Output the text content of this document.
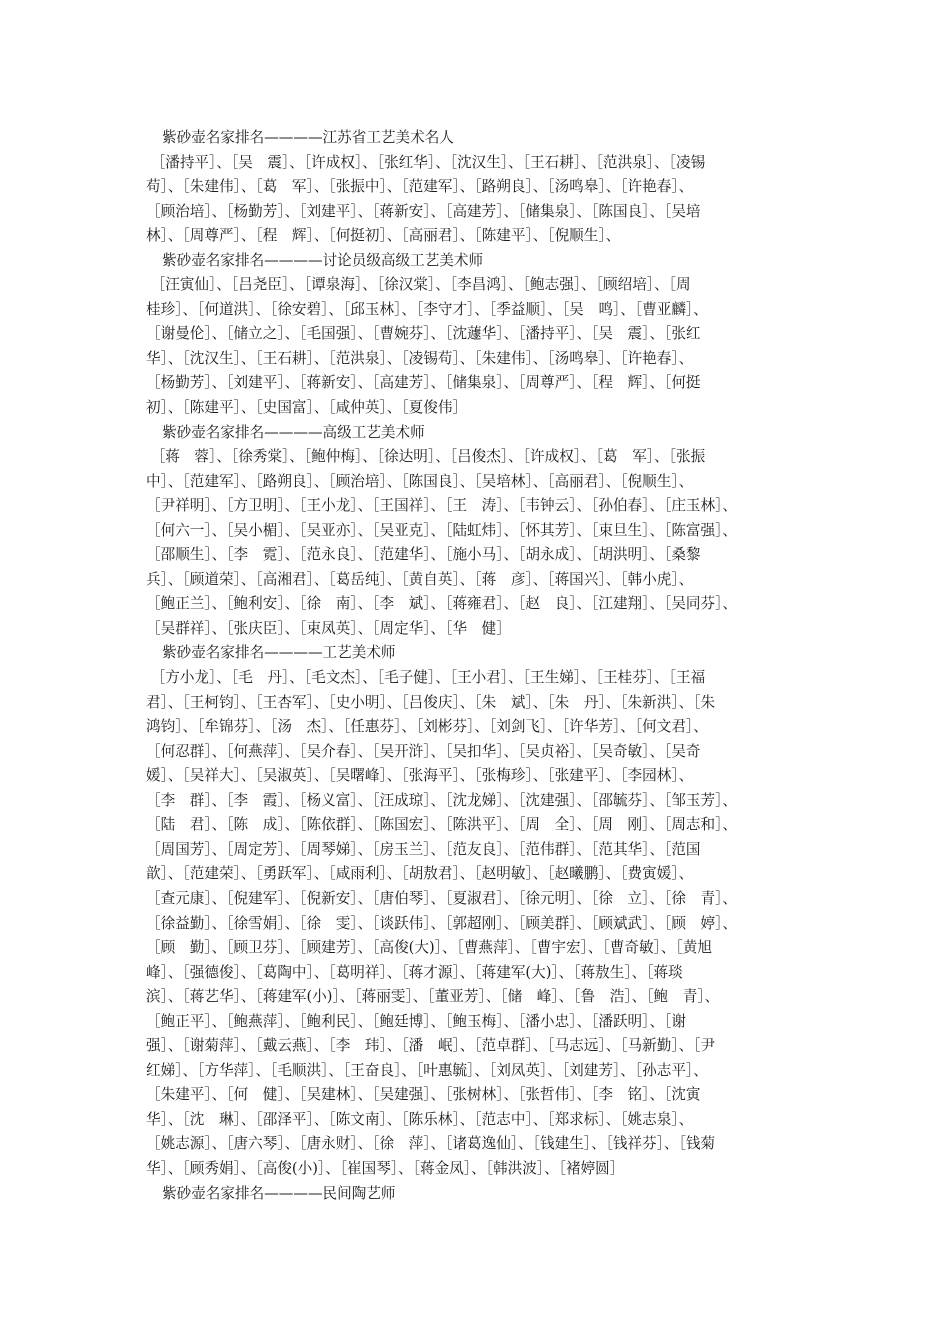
紫砂壶名家排名————江苏省工艺美术名人
［潘持平］、［吴　震］、［许成权］、［张红华］、［沈汉生］、［王石耕］、［范洪泉］、［凌锡
苟］、［朱建伟］、［葛　军］、［张振中］、［范建军］、［路朔良］、［汤鸣皋］、［许艳春］、
［顾治培］、［杨勤芳］、［刘建平］、［蒋新安］、［高建芳］、［储集泉］、［陈国良］、［吴培
林］、［周尊严］、［程　辉］、［何挺初］、［高丽君］、［陈建平］、［倪顺生］、
紫砂壶名家排名————讨论员级高级工艺美术师
［汪寅仙］、［吕尧臣］、［谭泉海］、［徐汉棠］、［李昌鸿］、［鲍志强］、［顾绍培］、［周
桂珍］、［何道洪］、［徐安碧］、［邱玉林］、［李守才］、［季益顺］、［吴　鸣］、［曹亚麟］、
［谢曼伦］、［储立之］、［毛国强］、［曹婉芬］、［沈蘧华］、［潘持平］、［吴　震］、［张红
华］、［沈汉生］、［王石耕］、［范洪泉］、［凌锡苟］、［朱建伟］、［汤鸣皋］、［许艳春］、
［杨勤芳］、［刘建平］、［蒋新安］、［高建芳］、［储集泉］、［周尊严］、［程　辉］、［何挺
初］、［陈建平］、［史国富］、［咸仲英］、［夏俊伟］
紫砂壶名家排名————高级工艺美术师
［蒋　蓉］、［徐秀棠］、［鲍仲梅］、［徐达明］、［吕俊杰］、［许成权］、［葛　军］、［张振
中］、［范建军］、［路朔良］、［顾治培］、［陈国良］、［吴培林］、［高丽君］、［倪顺生］、
［尹祥明］、［方卫明］、［王小龙］、［王国祥］、［王　涛］、［韦钟云］、［孙伯春］、［庄玉林］、
［何六一］、［吴小楣］、［吴亚亦］、［吴亚克］、［陆虹炜］、［怀其芳］、［束旦生］、［陈富强］、
［邵顺生］、［李　霓］、［范永良］、［范建华］、［施小马］、［胡永成］、［胡洪明］、［桑黎
兵］、［顾道荣］、［高湘君］、［葛岳纯］、［黄自英］、［蒋　彦］、［蒋国兴］、［韩小虎］、
［鲍正兰］、［鲍利安］、［徐　南］、［李　斌］、［蒋雍君］、［赵　良］、［江建翔］、［吴同芬］、
［吴群祥］、［张庆臣］、［束凤英］、［周定华］、［华　健］
紫砂壶名家排名————工艺美术师
［方小龙］、［毛　丹］、［毛文杰］、［毛子健］、［王小君］、［王生娣］、［王桂芬］、［王福
君］、［王柯钧］、［王杏军］、［史小明］、［吕俊庆］、［朱　斌］、［朱　丹］、［朱新洪］、［朱
鸿钧］、［牟锦芬］、［汤　杰］、［任惠芬］、［刘彬芬］、［刘剑飞］、［许华芳］、［何文君］、
［何忍群］、［何燕萍］、［吴介春］、［吴开浒］、［吴扣华］、［吴贞裕］、［吴奇敏］、［吴奇
媛］、［吴祥大］、［吴淑英］、［吴曙峰］、［张海平］、［张梅珍］、［张建平］、［李园林］、
［李　群］、［李　霞］、［杨义富］、［汪成琼］、［沈龙娣］、［沈建强］、［邵毓芬］、［邹玉芳］、
［陆　君］、［陈　成］、［陈依群］、［陈国宏］、［陈洪平］、［周　全］、［周　刚］、［周志和］、
［周国芳］、［周定芳］、［周琴娣］、［房玉兰］、［范友良］、［范伟群］、［范其华］、［范国
歆］、［范建荣］、［勇跃军］、［咸雨利］、［胡敖君］、［赵明敏］、［赵曦鹏］、［费寅媛］、
［查元康］、［倪建军］、［倪新安］、［唐伯琴］、［夏淑君］、［徐元明］、［徐　立］、［徐　青］、
［徐益勤］、［徐雪娟］、［徐　雯］、［谈跃伟］、［郭超刚］、［顾美群］、［顾斌武］、［顾　婷］、
［顾　勤］、［顾卫芬］、［顾建芳］、［高俊(大)］、［曹燕萍］、［曹宇宏］、［曹奇敏］、［黄旭
峰］、［强德俊］、［葛陶中］、［葛明祥］、［蒋才源］、［蒋建军(大)］、［蒋敖生］、［蒋琰
滨］、［蒋艺华］、［蒋建军(小)］、［蒋丽雯］、［董亚芳］、［储　峰］、［鲁　浩］、［鲍　青］、
［鲍正平］、［鲍燕萍］、［鲍利民］、［鲍廷博］、［鲍玉梅］、［潘小忠］、［潘跃明］、［谢
强］、［谢菊萍］、［戴云燕］、［李　玮］、［潘　岷］、［范卓群］、［马志远］、［马新勤］、［尹
红娣］、［方华萍］、［毛顺洪］、［王奋良］、［叶惠毓］、［刘凤英］、［刘建芳］、［孙志平］、
［朱建平］、［何　健］、［吴建林］、［吴建强］、［张树林］、［张哲伟］、［李　铭］、［沈寅
华］、［沈　琳］、［邵泽平］、［陈文南］、［陈乐林］、［范志中］、［郑求标］、［姚志泉］、
［姚志源］、［唐六琴］、［唐永财］、［徐　萍］、［诸葛逸仙］、［钱建生］、［钱祥芬］、［钱菊
华］、［顾秀娟］、［高俊(小)］、［崔国琴］、［蒋金凤］、［韩洪波］、［褚婷圆］
紫砂壶名家排名————民间陶艺师
